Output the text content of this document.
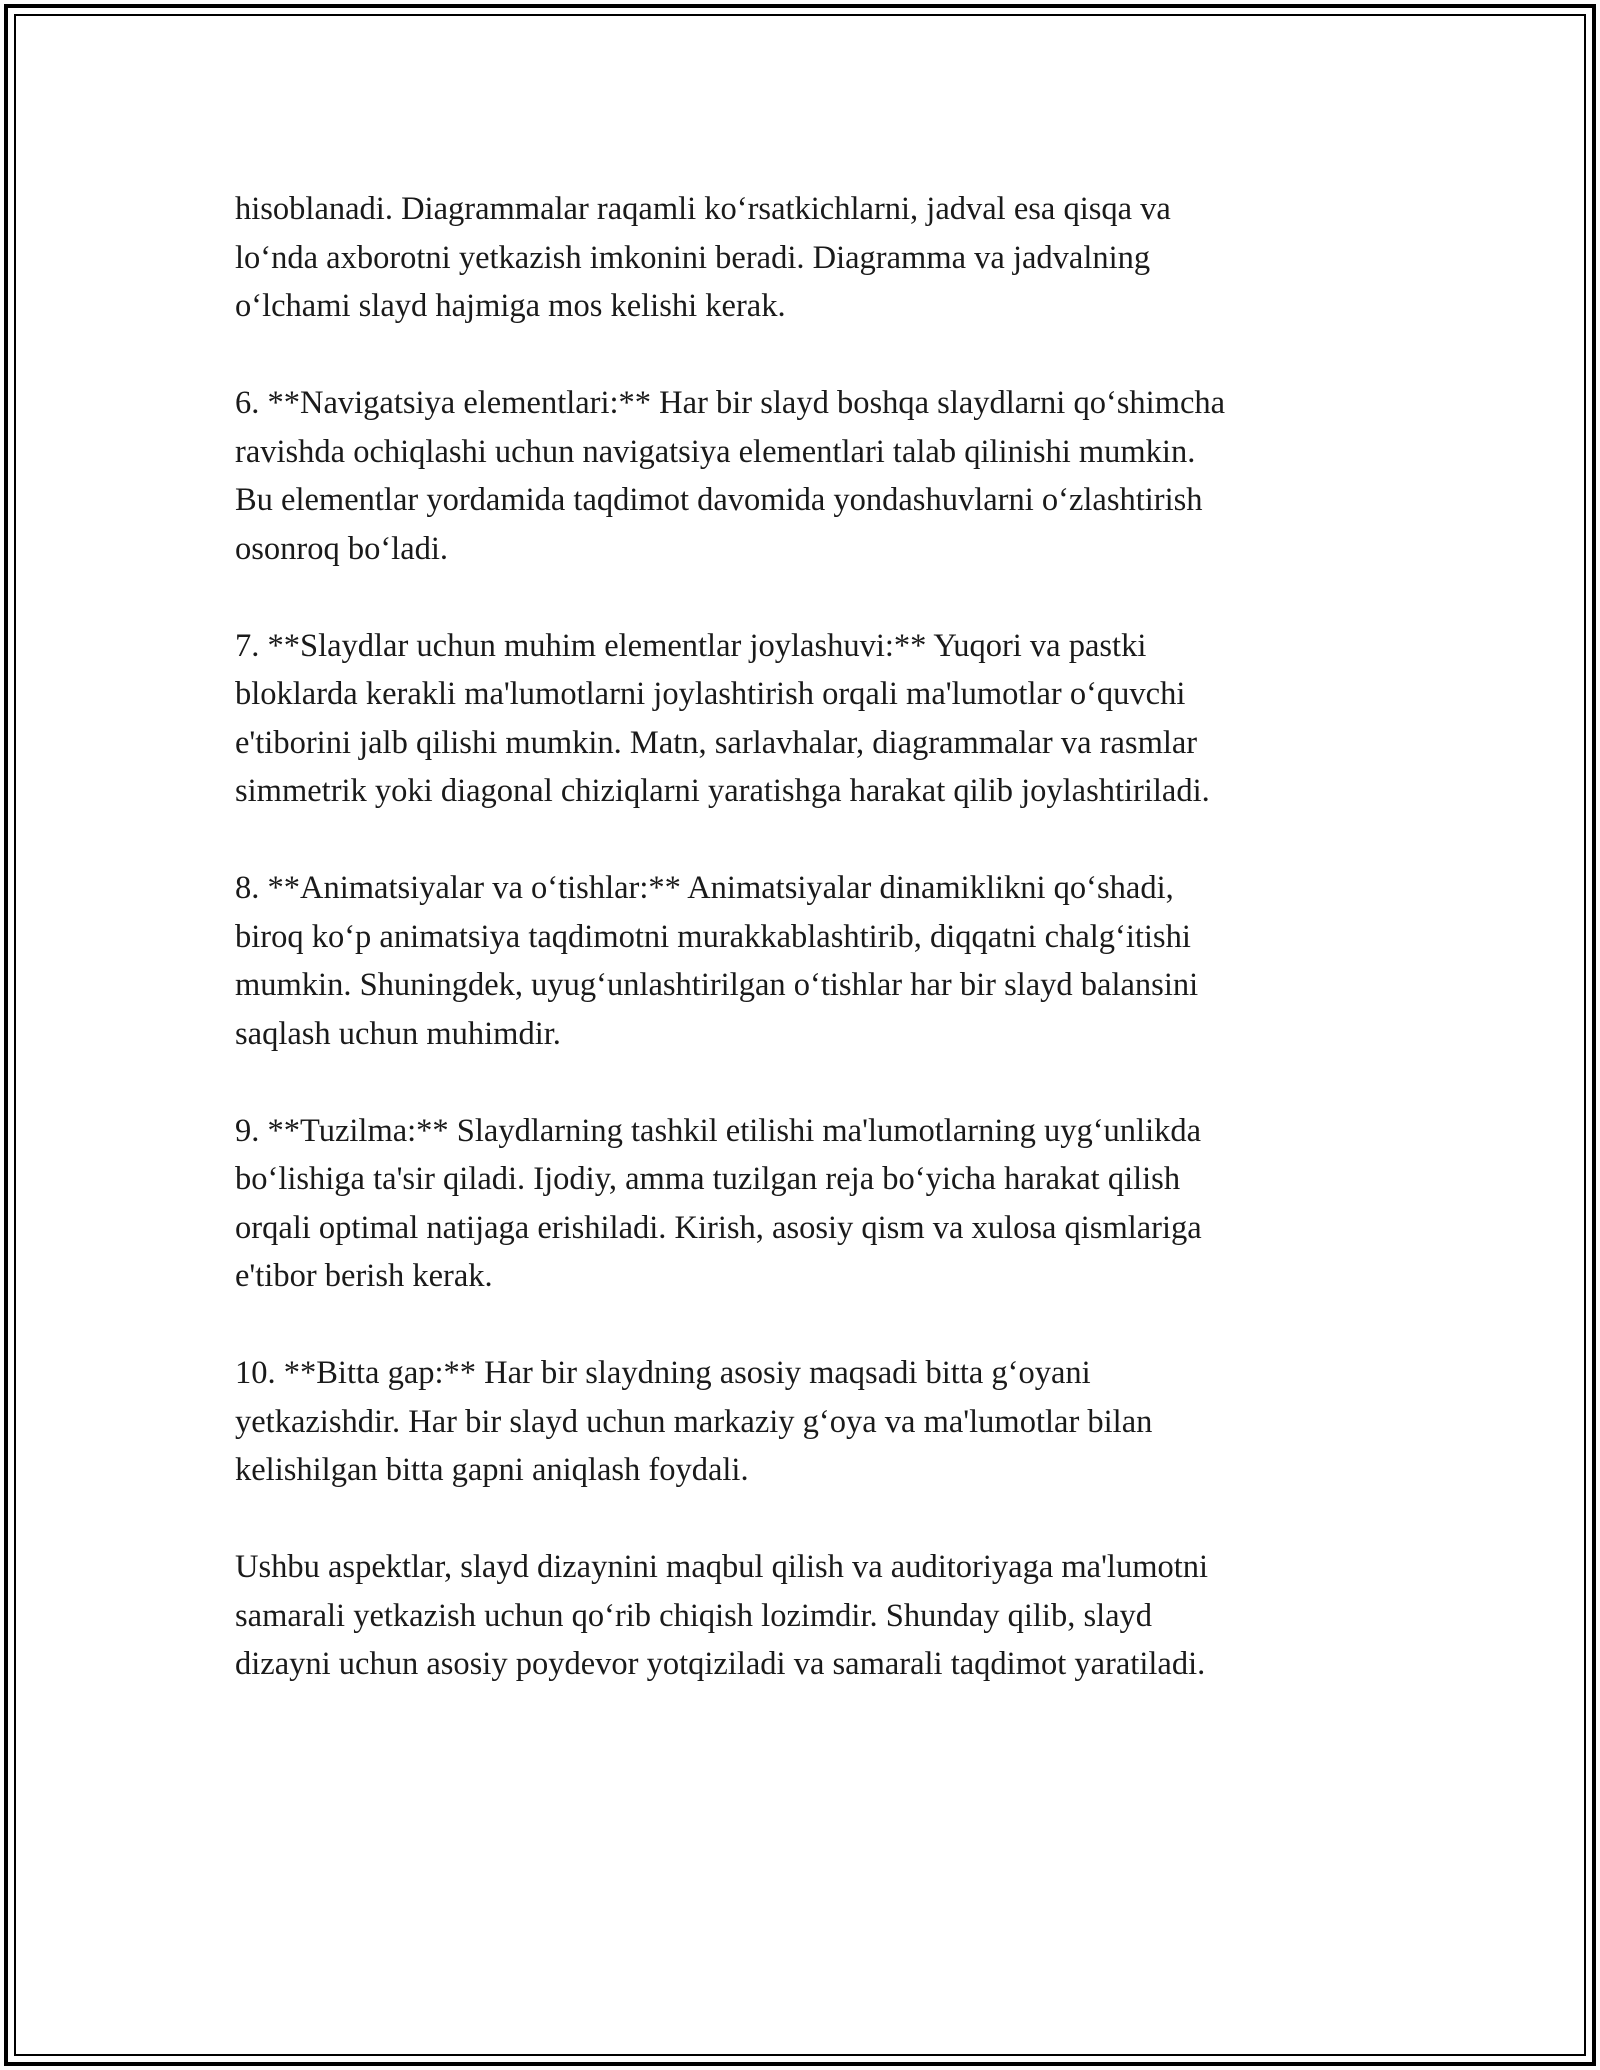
hisoblanadi. Diagrammalar raqamli koʻrsatkichlarni, jadval esa qisqa va
loʻnda axborotni yetkazish imkonini beradi. Diagramma va jadvalning
oʻlchami slayd hajmiga mos kelishi kerak.

6. **Navigatsiya elementlari:** Har bir slayd boshqa slaydlarni qoʻshimcha
ravishda ochiqlashi uchun navigatsiya elementlari talab qilinishi mumkin.
Bu elementlar yordamida taqdimot davomida yondashuvlarni oʻzlashtirish
osonroq boʻladi.

7. **Slaydlar uchun muhim elementlar joylashuvi:** Yuqori va pastki
bloklarda kerakli ma'lumotlarni joylashtirish orqali ma'lumotlar oʻquvchi
e'tiborini jalb qilishi mumkin. Matn, sarlavhalar, diagrammalar va rasmlar
simmetrik yoki diagonal chiziqlarni yaratishga harakat qilib joylashtiriladi.

8. **Animatsiyalar va oʻtishlar:** Animatsiyalar dinamiklikni qoʻshadi,
biroq koʻp animatsiya taqdimotni murakkablashtirib, diqqatni chalgʻitishi
mumkin. Shuningdek, uyugʻunlashtirilgan oʻtishlar har bir slayd balansini
saqlash uchun muhimdir.

9. **Tuzilma:** Slaydlarning tashkil etilishi ma'lumotlarning uygʻunlikda
boʻlishiga ta'sir qiladi. Ijodiy, amma tuzilgan reja boʻyicha harakat qilish
orqali optimal natijaga erishiladi. Kirish, asosiy qism va xulosa qismlariga
e'tibor berish kerak.

10. **Bitta gap:** Har bir slaydning asosiy maqsadi bitta gʻoyani
yetkazishdir. Har bir slayd uchun markaziy gʻoya va ma'lumotlar bilan
kelishilgan bitta gapni aniqlash foydali.

Ushbu aspektlar, slayd dizaynini maqbul qilish va auditoriyaga ma'lumotni
samarali yetkazish uchun qoʻrib chiqish lozimdir. Shunday qilib, slayd
dizayni uchun asosiy poydevor yotqiziladi va samarali taqdimot yaratiladi.
